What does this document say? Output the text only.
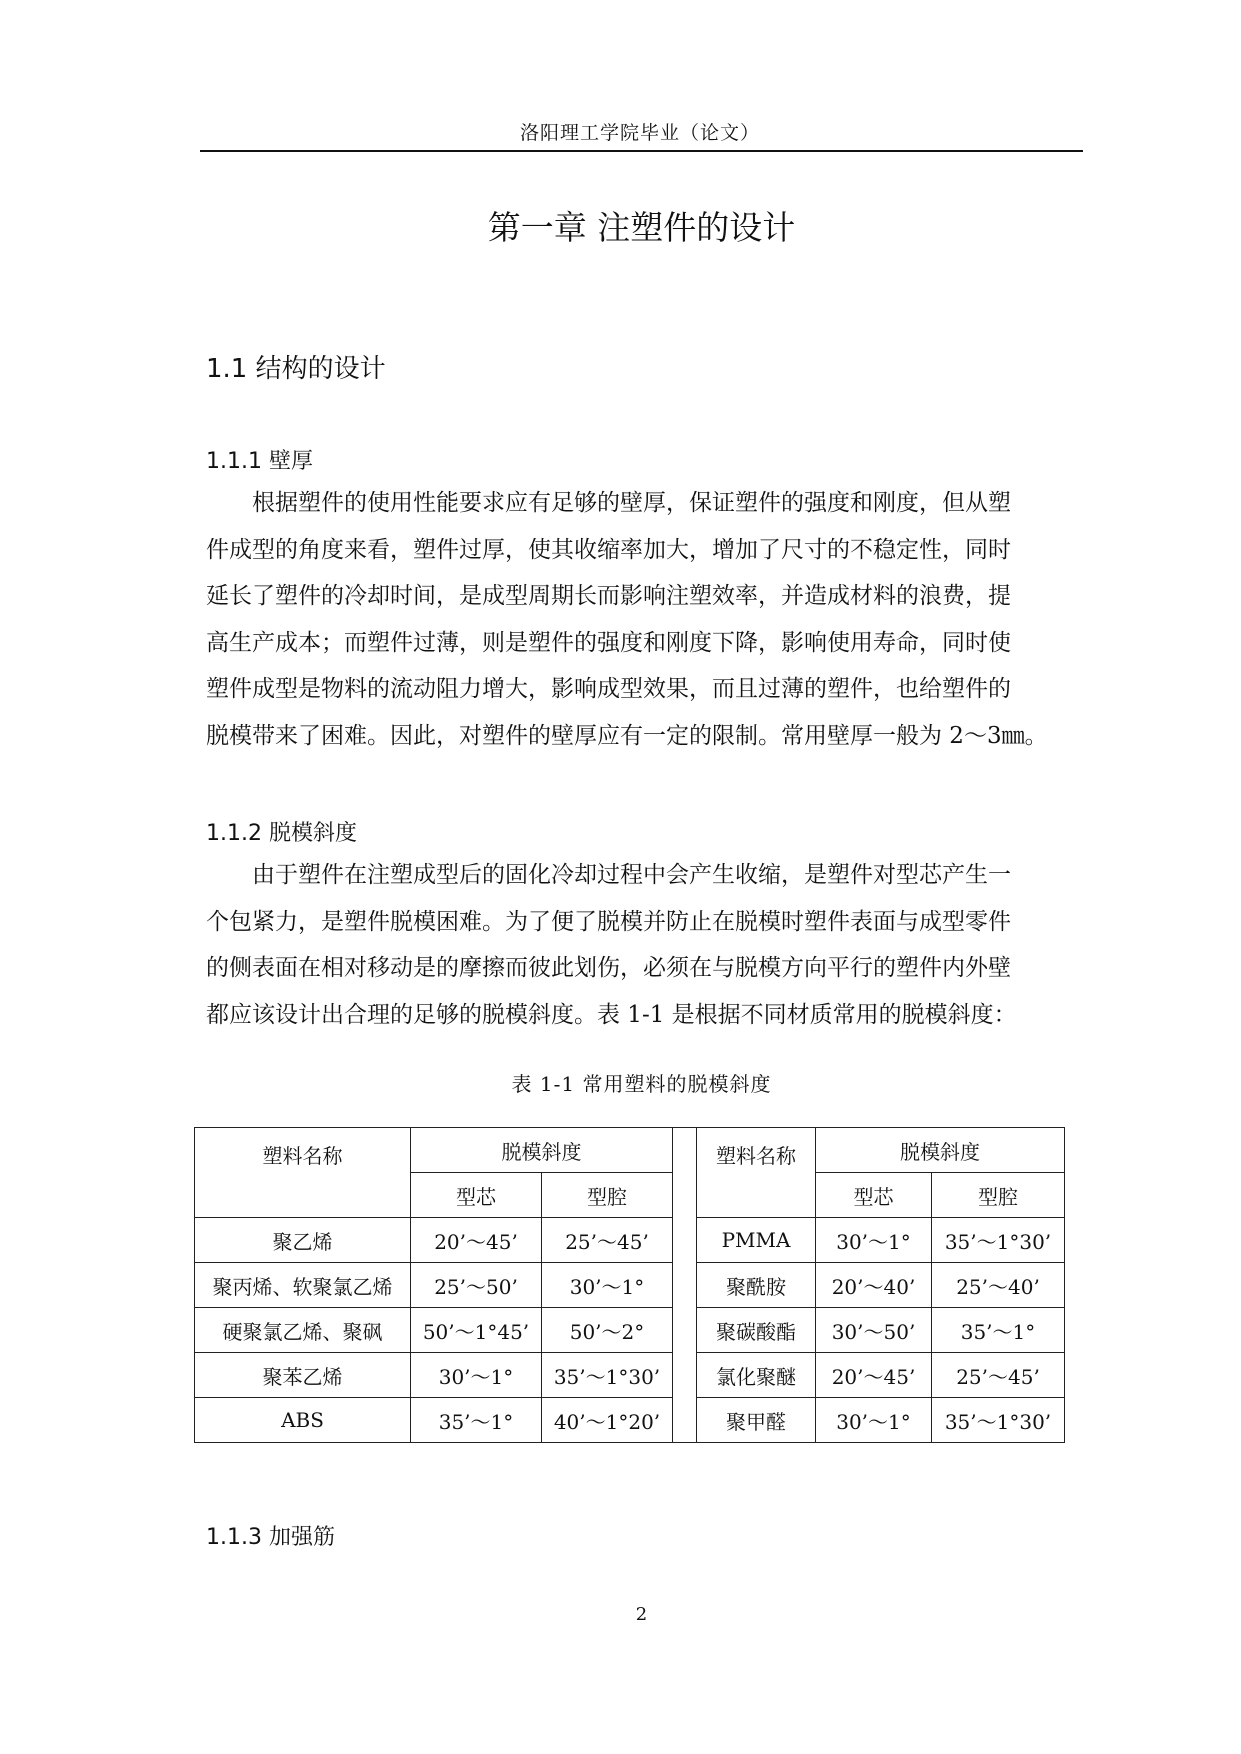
洛阳理工学院毕业（论文）
第一章 注塑件的设计
1.1 结构的设计
1.1.1 壁厚
　　根据塑件的使用性能要求应有足够的壁厚，保证塑件的强度和刚度，但从塑
件成型的角度来看，塑件过厚，使其收缩率加大，增加了尺寸的不稳定性，同时
延长了塑件的冷却时间，是成型周期长而影响注塑效率，并造成材料的浪费，提
高生产成本；而塑件过薄，则是塑件的强度和刚度下降，影响使用寿命，同时使
塑件成型是物料的流动阻力增大，影响成型效果，而且过薄的塑件，也给塑件的
脱模带来了困难。因此，对塑件的壁厚应有一定的限制。常用壁厚一般为 2～3㎜。
1.1.2 脱模斜度
　　由于塑件在注塑成型后的固化冷却过程中会产生收缩，是塑件对型芯产生一
个包紧力，是塑件脱模困难。为了便了脱模并防止在脱模时塑件表面与成型零件
的侧表面在相对移动是的摩擦而彼此划伤，必须在与脱模方向平行的塑件内外壁
都应该设计出合理的足够的脱模斜度。表 1-1 是根据不同材质常用的脱模斜度：
表 1-1 常用塑料的脱模斜度
塑料名称	脱模斜度			塑料名称	脱模斜度	
	型芯	型腔			型芯	型腔
聚乙烯	20’～45’	25’～45’		PMMA	30’～1°	35’～1°30’
聚丙烯、软聚氯乙烯	25’～50’	30’～1°		聚酰胺	20’～40’	25’～40’
硬聚氯乙烯、聚砜	50’～1°45’	50’～2°		聚碳酸酯	30’～50’	35’～1°
聚苯乙烯	30’～1°	35’～1°30’		氯化聚醚	20’～45’	25’～45’
ABS	35’～1°	40’～1°20’		聚甲醛	30’～1°	35’～1°30’
1.1.3 加强筋
2
